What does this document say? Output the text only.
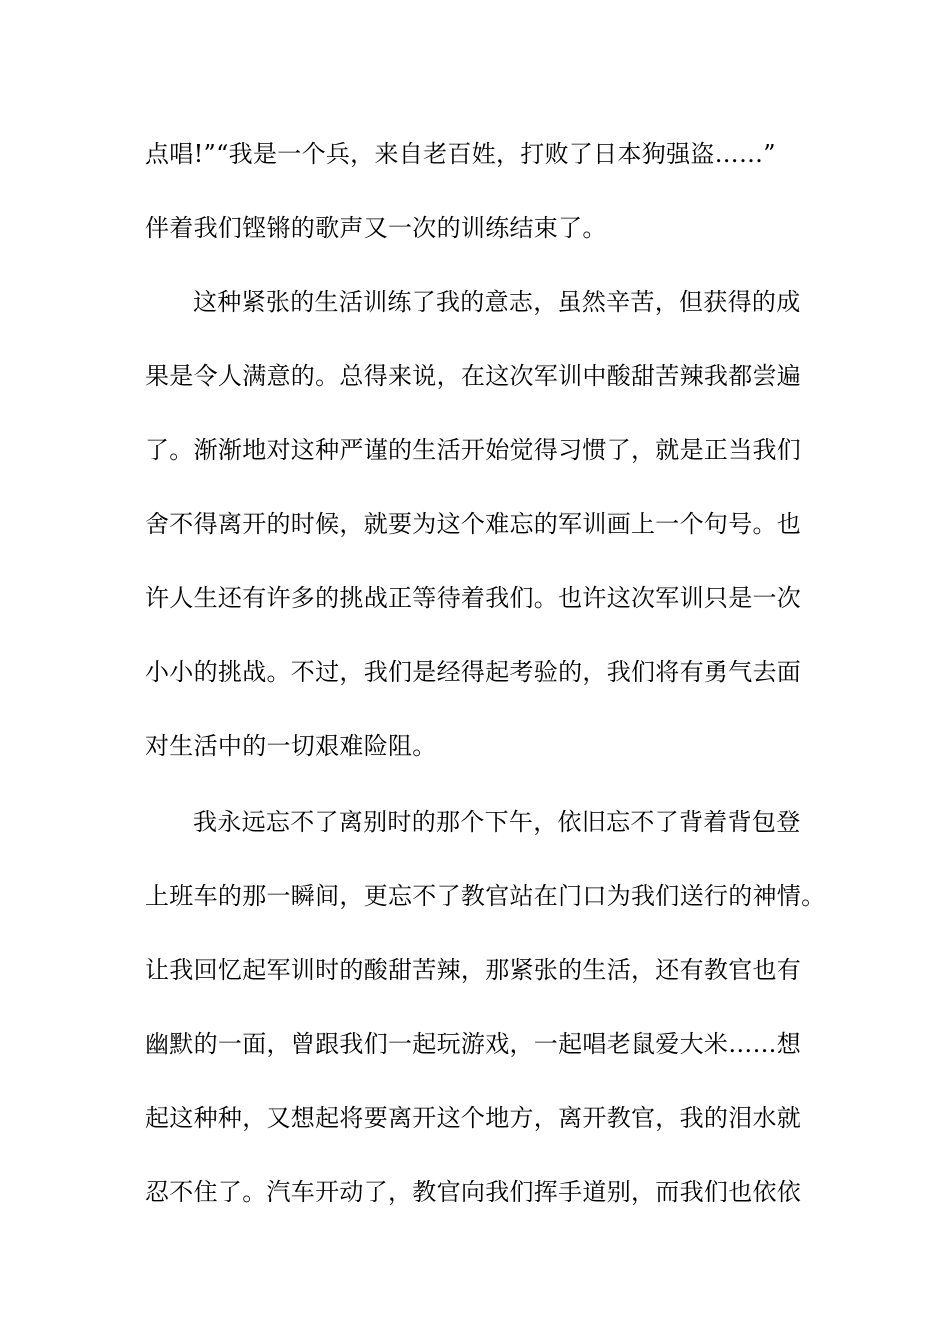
点唱!”“我是一个兵，来自老百姓，打败了日本狗强盗……”
伴着我们铿锵的歌声又一次的训练结束了。
这种紧张的生活训练了我的意志，虽然辛苦，但获得的成
果是令人满意的。总得来说，在这次军训中酸甜苦辣我都尝遍
了。渐渐地对这种严谨的生活开始觉得习惯了，就是正当我们
舍不得离开的时候，就要为这个难忘的军训画上一个句号。也
许人生还有许多的挑战正等待着我们。也许这次军训只是一次
小小的挑战。不过，我们是经得起考验的，我们将有勇气去面
对生活中的一切艰难险阻。
我永远忘不了离别时的那个下午，依旧忘不了背着背包登
上班车的那一瞬间，更忘不了教官站在门口为我们送行的神情。
让我回忆起军训时的酸甜苦辣，那紧张的生活，还有教官也有
幽默的一面，曾跟我们一起玩游戏，一起唱老鼠爱大米……想
起这种种，又想起将要离开这个地方，离开教官，我的泪水就
忍不住了。汽车开动了，教官向我们挥手道别，而我们也依依
